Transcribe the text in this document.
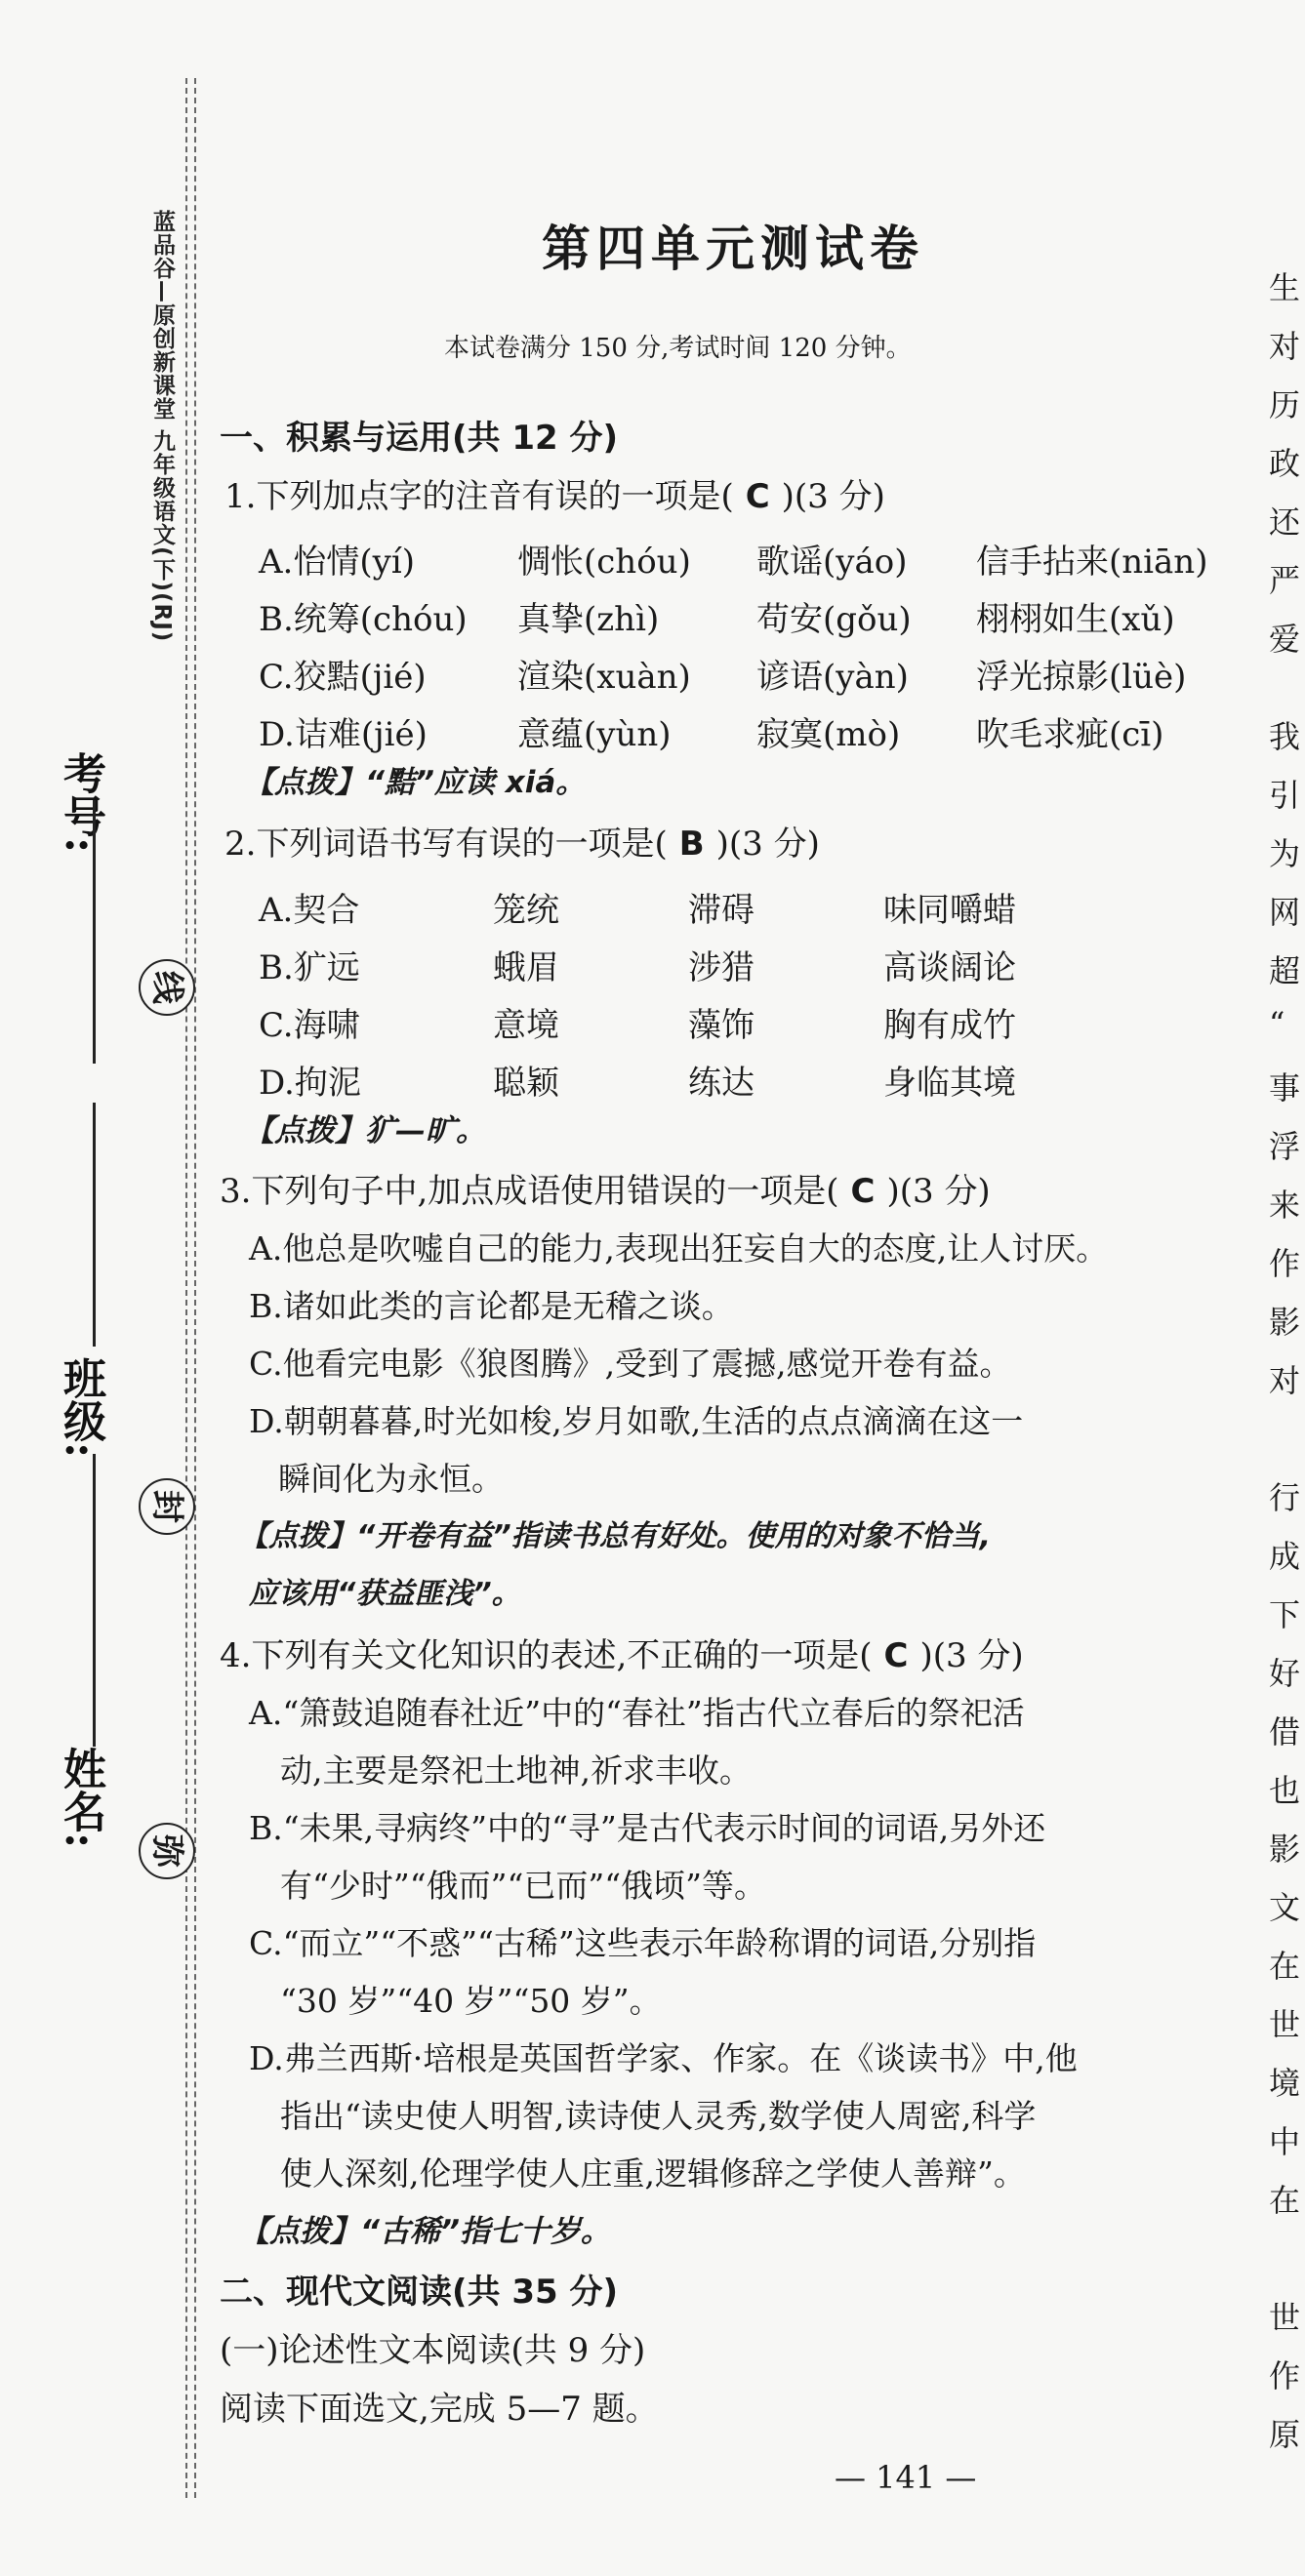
蓝品谷—原创新课堂 九年级语文(下)(RJ)
考号:
班级:
姓名:
线
封
弥
第四单元测试卷
本试卷满分 150 分,考试时间 120 分钟。
一、积累与运用(共 12 分)
1.下列加点字的注音有误的一项是( C )(3 分)
A.怡情(yí)	惆怅(chóu) 歌谣(yáo) 信手拈来(niān)
B.统筹(chóu) 真挚(zhì)	苟安(gǒu) 栩栩如生(xǔ)
C.狡黠(jié)	渲染(xuàn) 谚语(yàn) 浮光掠影(lüè)
D.诘难(jié)	意蕴(yùn)	寂寞(mò) 吹毛求疵(cī)
【点拨】“黠”应读 xiá。
2.下列词语书写有误的一项是( B )(3 分)
A.契合	笼统	滞碍	味同嚼蜡
B.犷远	蛾眉	涉猎	高谈阔论
C.海啸	意境	藻饰	胸有成竹
D.拘泥	聪颖	练达	身临其境
【点拨】犷—旷。
3.下列句子中,加点成语使用错误的一项是( C )(3 分)
A.他总是吹嘘自己的能力,表现出狂妄自大的态度,让人讨厌。
B.诸如此类的言论都是无稽之谈。
C.他看完电影《狼图腾》,受到了震撼,感觉开卷有益。
D.朝朝暮暮,时光如梭,岁月如歌,生活的点点滴滴在这一
瞬间化为永恒。
【点拨】“开卷有益”指读书总有好处。使用的对象不恰当,
应该用“获益匪浅”。
4.下列有关文化知识的表述,不正确的一项是( C )(3 分)
A.“箫鼓追随春社近”中的“春社”指古代立春后的祭祀活
动,主要是祭祀土地神,祈求丰收。
B.“未果,寻病终”中的“寻”是古代表示时间的词语,另外还
有“少时”“俄而”“已而”“俄顷”等。
C.“而立”“不惑”“古稀”这些表示年龄称谓的词语,分别指
“30 岁”“40 岁”“50 岁”。
D.弗兰西斯·培根是英国哲学家、作家。在《谈读书》中,他
指出“读史使人明智,读诗使人灵秀,数学使人周密,科学
使人深刻,伦理学使人庄重,逻辑修辞之学使人善辩”。
【点拨】“古稀”指七十岁。
二、现代文阅读(共 35 分)
(一)论述性文本阅读(共 9 分)
阅读下面选文,完成 5—7 题。
生
对
历
政
还
严
爱
我
引
为
网
超
“
事
浮
来
作
影
对
行
成
下
好
借
也
影
文
在
世
境
中
在
世
作
原
— 141 —
